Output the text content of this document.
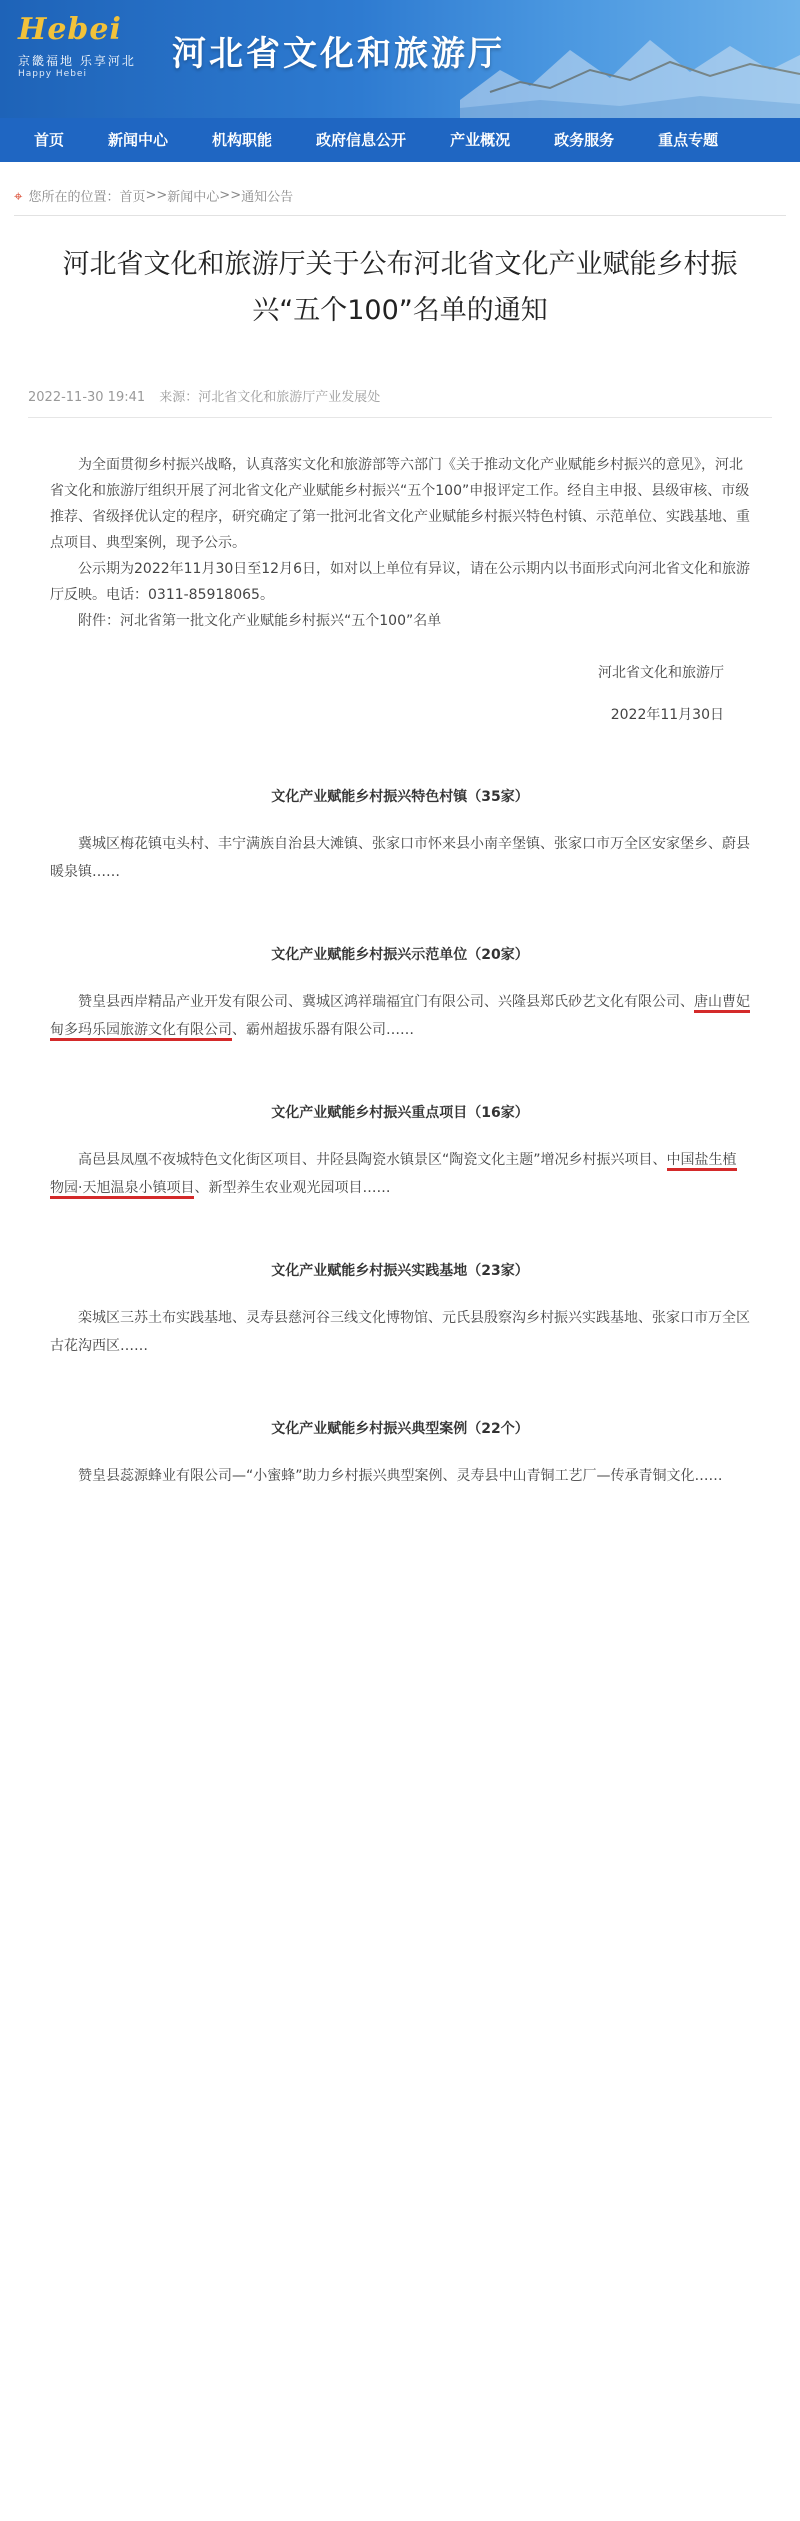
Hebei
京畿福地 乐享河北
Happy Hebei	河北省文化和旅游厅
首页	新闻中心	机构职能	政府信息公开	产业概况	政务服务	重点专题
⌖ 您所在的位置： 首页 >> 新闻中心 >> 通知公告
河北省文化和旅游厅关于公布河北省文化产业赋能乡村振兴“五个100”名单的通知
2022-11-30 19:41 来源：河北省文化和旅游厅产业发展处

为全面贯彻乡村振兴战略，认真落实文化和旅游部等六部门《关于推动文化产业赋能乡村振兴的意见》，河北省文化和旅游厅组织开展了河北省文化产业赋能乡村振兴“五个100”申报评定工作。经自主申报、县级审核、市级推荐、省级择优认定的程序，研究确定了第一批河北省文化产业赋能乡村振兴特色村镇、示范单位、实践基地、重点项目、典型案例，现予公示。

公示期为2022年11月30日至12月6日，如对以上单位有异议，请在公示期内以书面形式向河北省文化和旅游厅反映。电话：0311-85918065。

附件：河北省第一批文化产业赋能乡村振兴“五个100”名单

河北省文化和旅游厅
2022年11月30日
文化产业赋能乡村振兴特色村镇（35家）

冀城区梅花镇屯头村、丰宁满族自治县大滩镇、张家口市怀来县小南辛堡镇、张家口市万全区安家堡乡、蔚县暖泉镇……

文化产业赋能乡村振兴示范单位（20家）

赞皇县西岸精品产业开发有限公司、冀城区鸿祥瑞福宜门有限公司、兴隆县郑氏砂艺文化有限公司、唐山曹妃甸多玛乐园旅游文化有限公司、霸州超拔乐器有限公司……

文化产业赋能乡村振兴重点项目（16家）

高邑县凤凰不夜城特色文化街区项目、井陉县陶瓷水镇景区“陶瓷文化主题”增况乡村振兴项目、中国盐生植物园·天旭温泉小镇项目、新型养生农业观光园项目……

文化产业赋能乡村振兴实践基地（23家）

栾城区三苏土布实践基地、灵寿县慈河谷三线文化博物馆、元氏县殷察沟乡村振兴实践基地、张家口市万全区古花沟西区……

文化产业赋能乡村振兴典型案例（22个）

赞皇县蕊源蜂业有限公司—“小蜜蜂”助力乡村振兴典型案例、灵寿县中山青铜工艺厂—传承青铜文化……
